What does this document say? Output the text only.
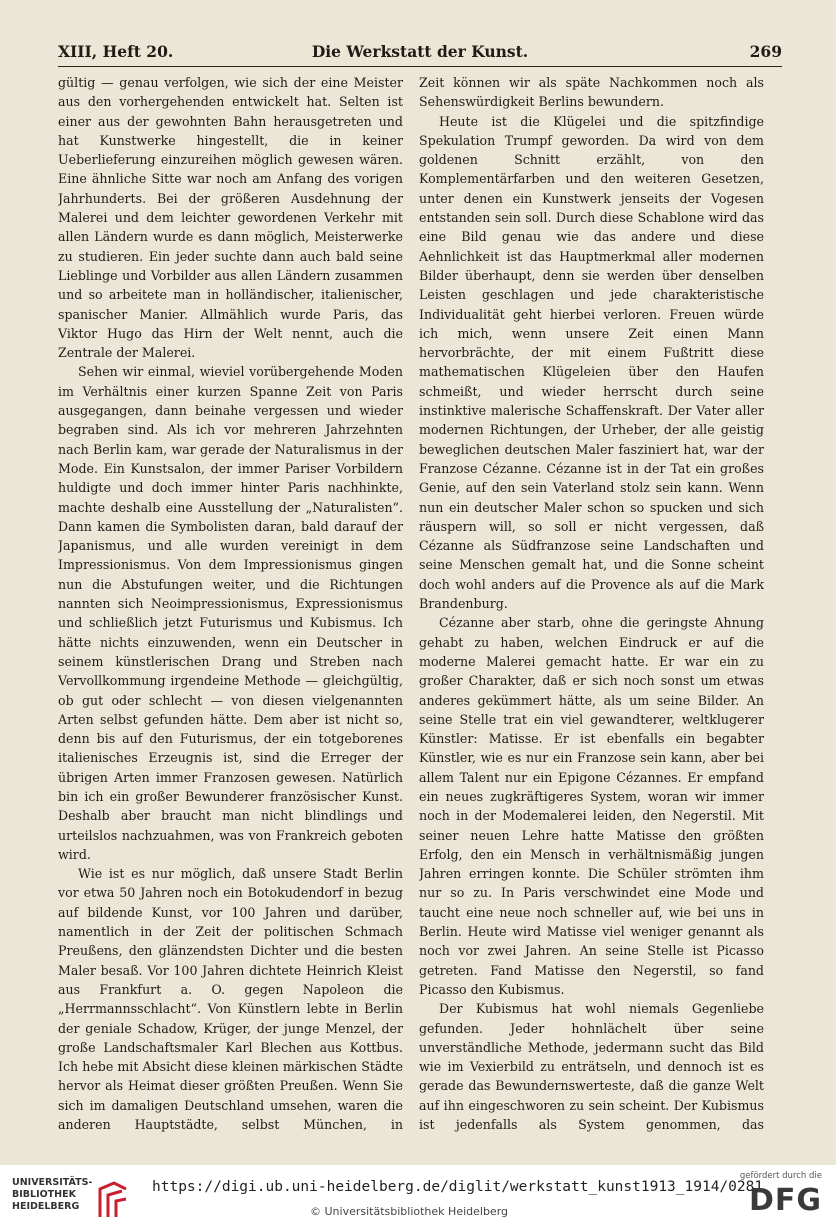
XIII, Heft 20.	Die Werkstatt der Kunst.	269

gültig — genau verfolgen, wie sich der eine Meister aus den vorhergehenden entwickelt hat. Selten ist einer aus der gewohnten Bahn herausgetreten und hat Kunstwerke hingestellt, die in keiner Ueberlieferung einzureihen möglich gewesen wären. Eine ähnliche Sitte war noch am Anfang des vorigen Jahrhunderts. Bei der größeren Ausdehnung der Malerei und dem leichter gewordenen Verkehr mit allen Ländern wurde es dann möglich, Meisterwerke zu studieren. Ein jeder suchte dann auch bald seine Lieblinge und Vorbilder aus allen Ländern zusammen und so arbeitete man in holländischer, italienischer, spanischer Manier. Allmählich wurde Paris, das Viktor Hugo das Hirn der Welt nennt, auch die Zentrale der Malerei.

Sehen wir einmal, wieviel vorübergehende Moden im Verhältnis einer kurzen Spanne Zeit von Paris ausgegangen, dann beinahe vergessen und wieder begraben sind. Als ich vor mehreren Jahrzehnten nach Berlin kam, war gerade der Naturalismus in der Mode. Ein Kunstsalon, der immer Pariser Vorbildern huldigte und doch immer hinter Paris nachhinkte, machte deshalb eine Ausstellung der „Naturalisten“. Dann kamen die Symbolisten daran, bald darauf der Japanismus, und alle wurden vereinigt in dem Impressionismus. Von dem Impressionismus gingen nun die Abstufungen weiter, und die Richtungen nannten sich Neoimpressionismus, Expressionismus und schließlich jetzt Futurismus und Kubismus. Ich hätte nichts einzuwenden, wenn ein Deutscher in seinem künstlerischen Drang und Streben nach Vervollkommung irgendeine Methode — gleichgültig, ob gut oder schlecht — von diesen vielgenannten Arten selbst gefunden hätte. Dem aber ist nicht so, denn bis auf den Futurismus, der ein totgeborenes italienisches Erzeugnis ist, sind die Erreger der übrigen Arten immer Franzosen gewesen. Natürlich bin ich ein großer Bewunderer französischer Kunst. Deshalb aber braucht man nicht blindlings und urteilslos nachzuahmen, was von Frankreich geboten wird.

Wie ist es nur möglich, daß unsere Stadt Berlin vor etwa 50 Jahren noch ein Botokudendorf in bezug auf bildende Kunst, vor 100 Jahren und darüber, namentlich in der Zeit der politischen Schmach Preußens, den glänzendsten Dichter und die besten Maler besaß. Vor 100 Jahren dichtete Heinrich Kleist aus Frankfurt a. O. gegen Napoleon die „Herrmannsschlacht“. Von Künstlern lebte in Berlin der geniale Schadow, Krüger, der junge Menzel, der große Landschaftsmaler Karl Blechen aus Kottbus. Ich hebe mit Absicht diese kleinen märkischen Städte hervor als Heimat dieser größten Preußen. Wenn Sie sich im damaligen Deutschland umsehen, waren die anderen Hauptstädte, selbst München, in

Zeit können wir als späte Nachkommen noch als Sehenswürdigkeit Berlins bewundern.

Heute ist die Klügelei und die spitzfindige Spekulation Trumpf geworden. Da wird von dem goldenen Schnitt erzählt, von den Komplementärfarben und den weiteren Gesetzen, unter denen ein Kunstwerk jenseits der Vogesen entstanden sein soll. Durch diese Schablone wird das eine Bild genau wie das andere und diese Aehnlichkeit ist das Hauptmerkmal aller modernen Bilder überhaupt, denn sie werden über denselben Leisten geschlagen und jede charakteristische Individualität geht hierbei verloren. Freuen würde ich mich, wenn unsere Zeit einen Mann hervorbrächte, der mit einem Fußtritt diese mathematischen Klügeleien über den Haufen schmeißt, und wieder herrscht durch seine instinktive malerische Schaffenskraft. Der Vater aller modernen Richtungen, der Urheber, der alle geistig beweglichen deutschen Maler fasziniert hat, war der Franzose Cézanne. Cézanne ist in der Tat ein großes Genie, auf den sein Vaterland stolz sein kann. Wenn nun ein deutscher Maler schon so spucken und sich räuspern will, so soll er nicht vergessen, daß Cézanne als Südfranzose seine Landschaften und seine Menschen gemalt hat, und die Sonne scheint doch wohl anders auf die Provence als auf die Mark Brandenburg.

Cézanne aber starb, ohne die geringste Ahnung gehabt zu haben, welchen Eindruck er auf die moderne Malerei gemacht hatte. Er war ein zu großer Charakter, daß er sich noch sonst um etwas anderes gekümmert hätte, als um seine Bilder. An seine Stelle trat ein viel gewandterer, weltklugerer Künstler: Matisse. Er ist ebenfalls ein begabter Künstler, wie es nur ein Franzose sein kann, aber bei allem Talent nur ein Epigone Cézannes. Er empfand ein neues zugkräftigeres System, woran wir immer noch in der Modemalerei leiden, den Negerstil. Mit seiner neuen Lehre hatte Matisse den größten Erfolg, den ein Mensch in verhältnismäßig jungen Jahren erringen konnte. Die Schüler strömten ihm nur so zu. In Paris verschwindet eine Mode und taucht eine neue noch schneller auf, wie bei uns in Berlin. Heute wird Matisse viel weniger genannt als noch vor zwei Jahren. An seine Stelle ist Picasso getreten. Fand Matisse den Negerstil, so fand Picasso den Kubismus.

Der Kubismus hat wohl niemals Gegenliebe gefunden. Jeder hohnlächelt über seine unverständliche Methode, jedermann sucht das Bild wie im Vexierbild zu enträtseln, und dennoch ist es gerade das Bewundernswerteste, daß die ganze Welt auf ihn eingeschworen zu sein scheint. Der Kubismus ist jedenfalls als System genommen, das

UNIVERSITÄTS-
BIBLIOTHEK
HEIDELBERG
https://digi.ub.uni-heidelberg.de/diglit/werkstatt_kunst1913_1914/0281
© Universitätsbibliothek Heidelberg
gefördert durch die
DFG
